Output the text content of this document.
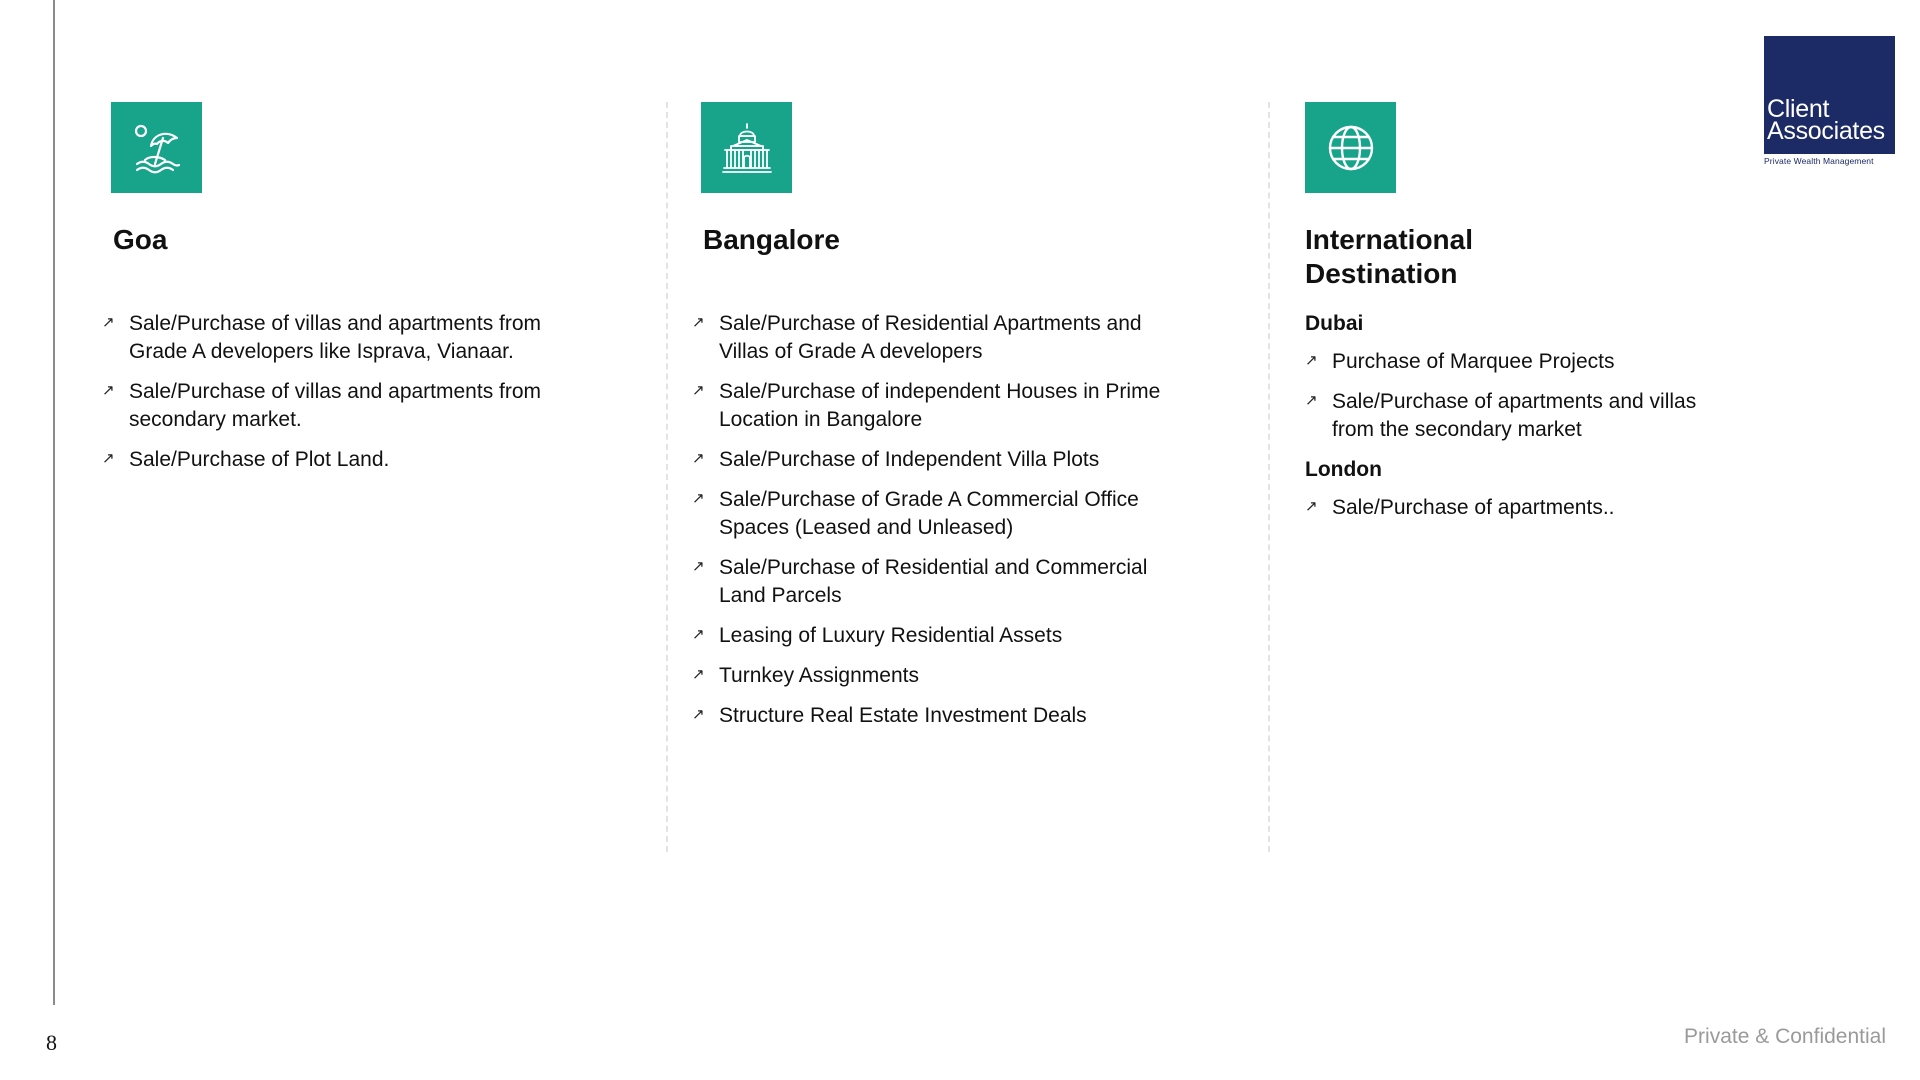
Client
Associates
Private Wealth Management
Goa
↗ Sale/Purchase of villas and apartments from Grade A developers like Isprava, Vianaar.
↗ Sale/Purchase of villas and apartments from secondary market.
↗ Sale/Purchase of Plot Land.
Bangalore
↗ Sale/Purchase of Residential Apartments and Villas of Grade A developers
↗ Sale/Purchase of independent Houses in Prime Location in Bangalore
↗ Sale/Purchase of Independent Villa Plots
↗ Sale/Purchase of Grade A Commercial Office Spaces (Leased and Unleased)
↗ Sale/Purchase of Residential and Commercial Land Parcels
↗ Leasing of Luxury Residential Assets
↗ Turnkey Assignments
↗ Structure Real Estate Investment Deals
International
Destination
Dubai
↗ Purchase of Marquee Projects
↗ Sale/Purchase of apartments and villas from the secondary market
London
↗ Sale/Purchase of apartments..
8	Private & Confidential
